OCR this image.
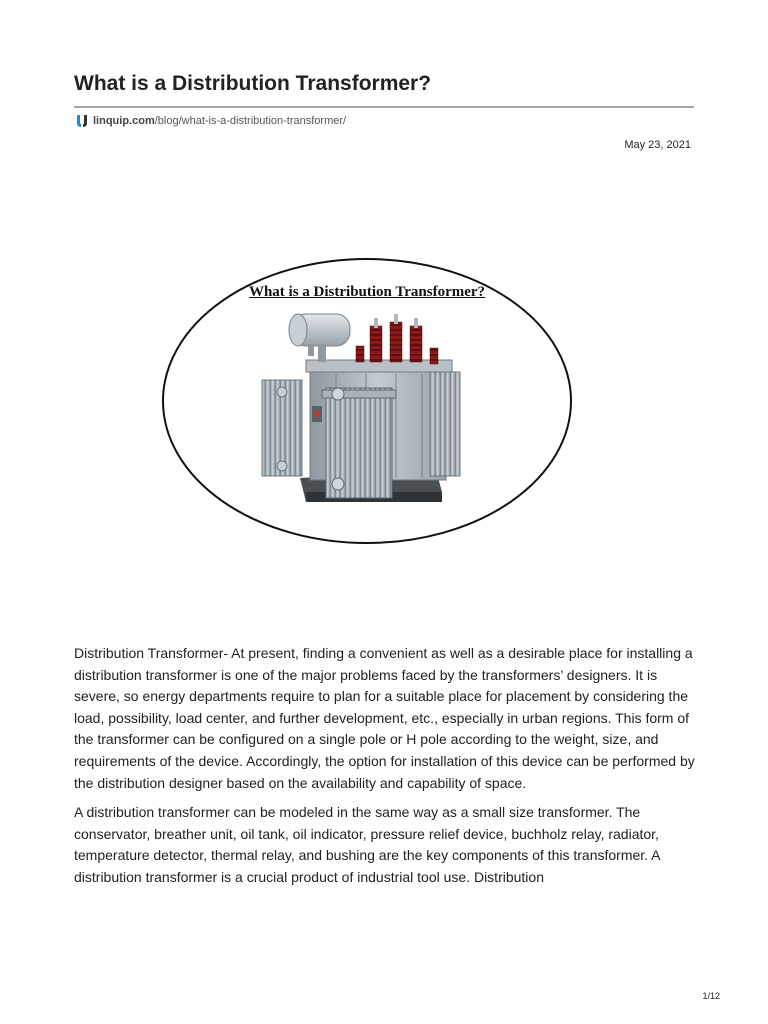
What is a Distribution Transformer?
linquip.com /blog/what-is-a-distribution-transformer/
May 23, 2021
What is a Distribution Transformer?

Distribution Transformer- At present, finding a convenient as well as a desirable place for installing a distribution transformer is one of the major problems faced by the transformers’ designers. It is severe, so energy departments require to plan for a suitable place for placement by considering the load, possibility, load center, and further development, etc., especially in urban regions. This form of the transformer can be configured on a single pole or H pole according to the weight, size, and requirements of the device. Accordingly, the option for installation of this device can be performed by the distribution designer based on the availability and capability of space.

A distribution transformer can be modeled in the same way as a small size transformer. The conservator, breather unit, oil tank, oil indicator, pressure relief device, buchholz relay, radiator, temperature detector, thermal relay, and bushing are the key components of this transformer. A distribution transformer is a crucial product of industrial tool use. Distribution

1/12
